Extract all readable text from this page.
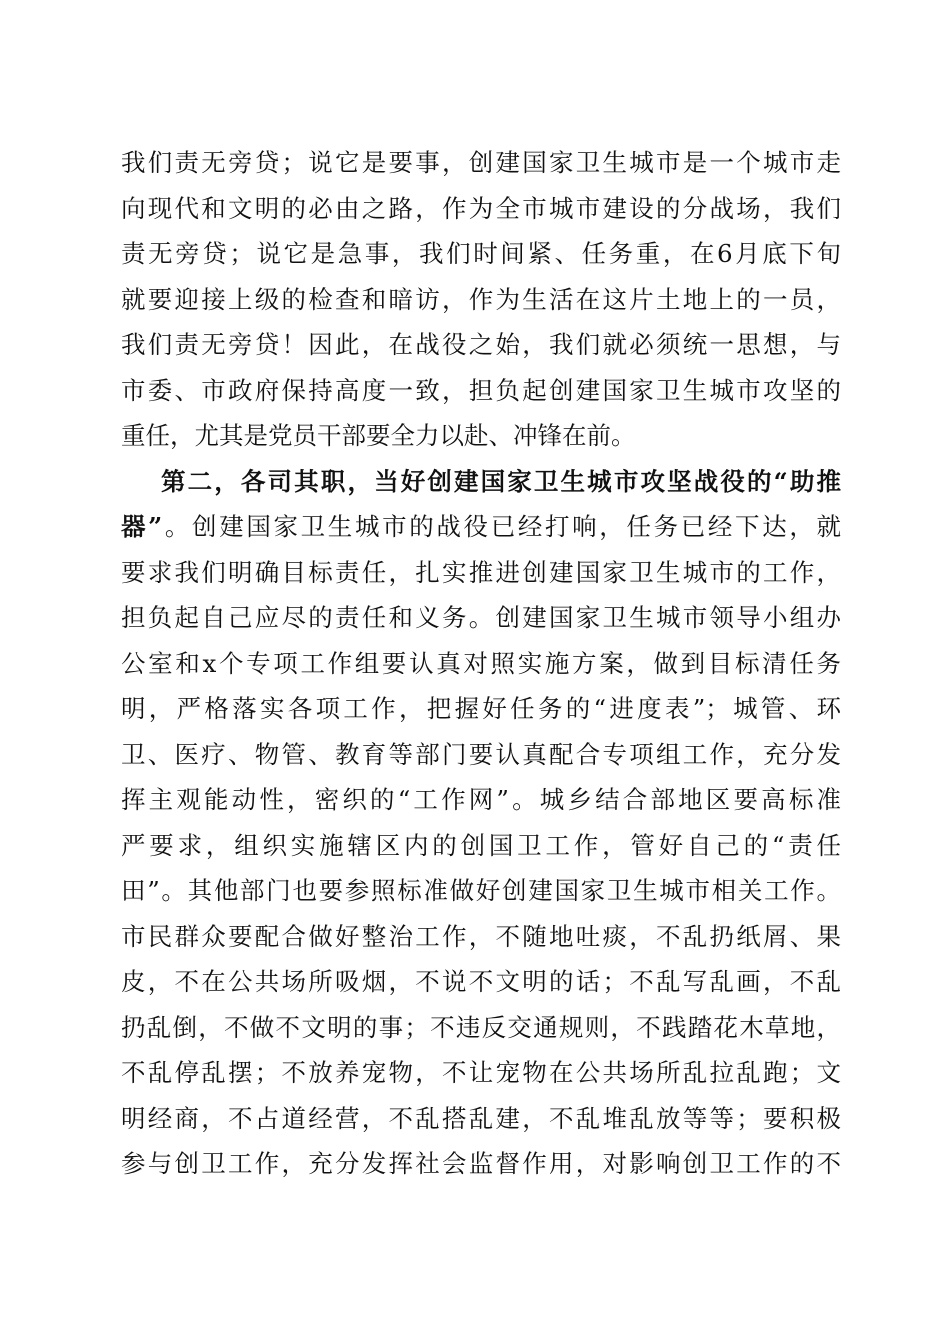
我们责无旁贷；说它是要事，创建国家卫生城市是一个城市走
向现代和文明的必由之路，作为全市城市建设的分战场，我们
责无旁贷；说它是急事，我们时间紧、任务重，在6月底下旬
就要迎接上级的检查和暗访，作为生活在这片土地上的一员，
我们责无旁贷！因此，在战役之始，我们就必须统一思想，与
市委、市政府保持高度一致，担负起创建国家卫生城市攻坚的
重任，尤其是党员干部要全力以赴、冲锋在前。
第二，各司其职，当好创建国家卫生城市攻坚战役的“助推
器”。创建国家卫生城市的战役已经打响，任务已经下达，就
要求我们明确目标责任，扎实推进创建国家卫生城市的工作，
担负起自己应尽的责任和义务。创建国家卫生城市领导小组办
公室和x个专项工作组要认真对照实施方案，做到目标清任务
明，严格落实各项工作，把握好任务的“进度表”；城管、环
卫、医疗、物管、教育等部门要认真配合专项组工作，充分发
挥主观能动性，密织的“工作网”。城乡结合部地区要高标准
严要求，组织实施辖区内的创国卫工作，管好自己的“责任
田”。其他部门也要参照标准做好创建国家卫生城市相关工作。
市民群众要配合做好整治工作，不随地吐痰，不乱扔纸屑、果
皮，不在公共场所吸烟，不说不文明的话；不乱写乱画，不乱
扔乱倒，不做不文明的事；不违反交通规则，不践踏花木草地，
不乱停乱摆；不放养宠物，不让宠物在公共场所乱拉乱跑；文
明经商，不占道经营，不乱搭乱建，不乱堆乱放等等；要积极
参与创卫工作，充分发挥社会监督作用，对影响创卫工作的不
